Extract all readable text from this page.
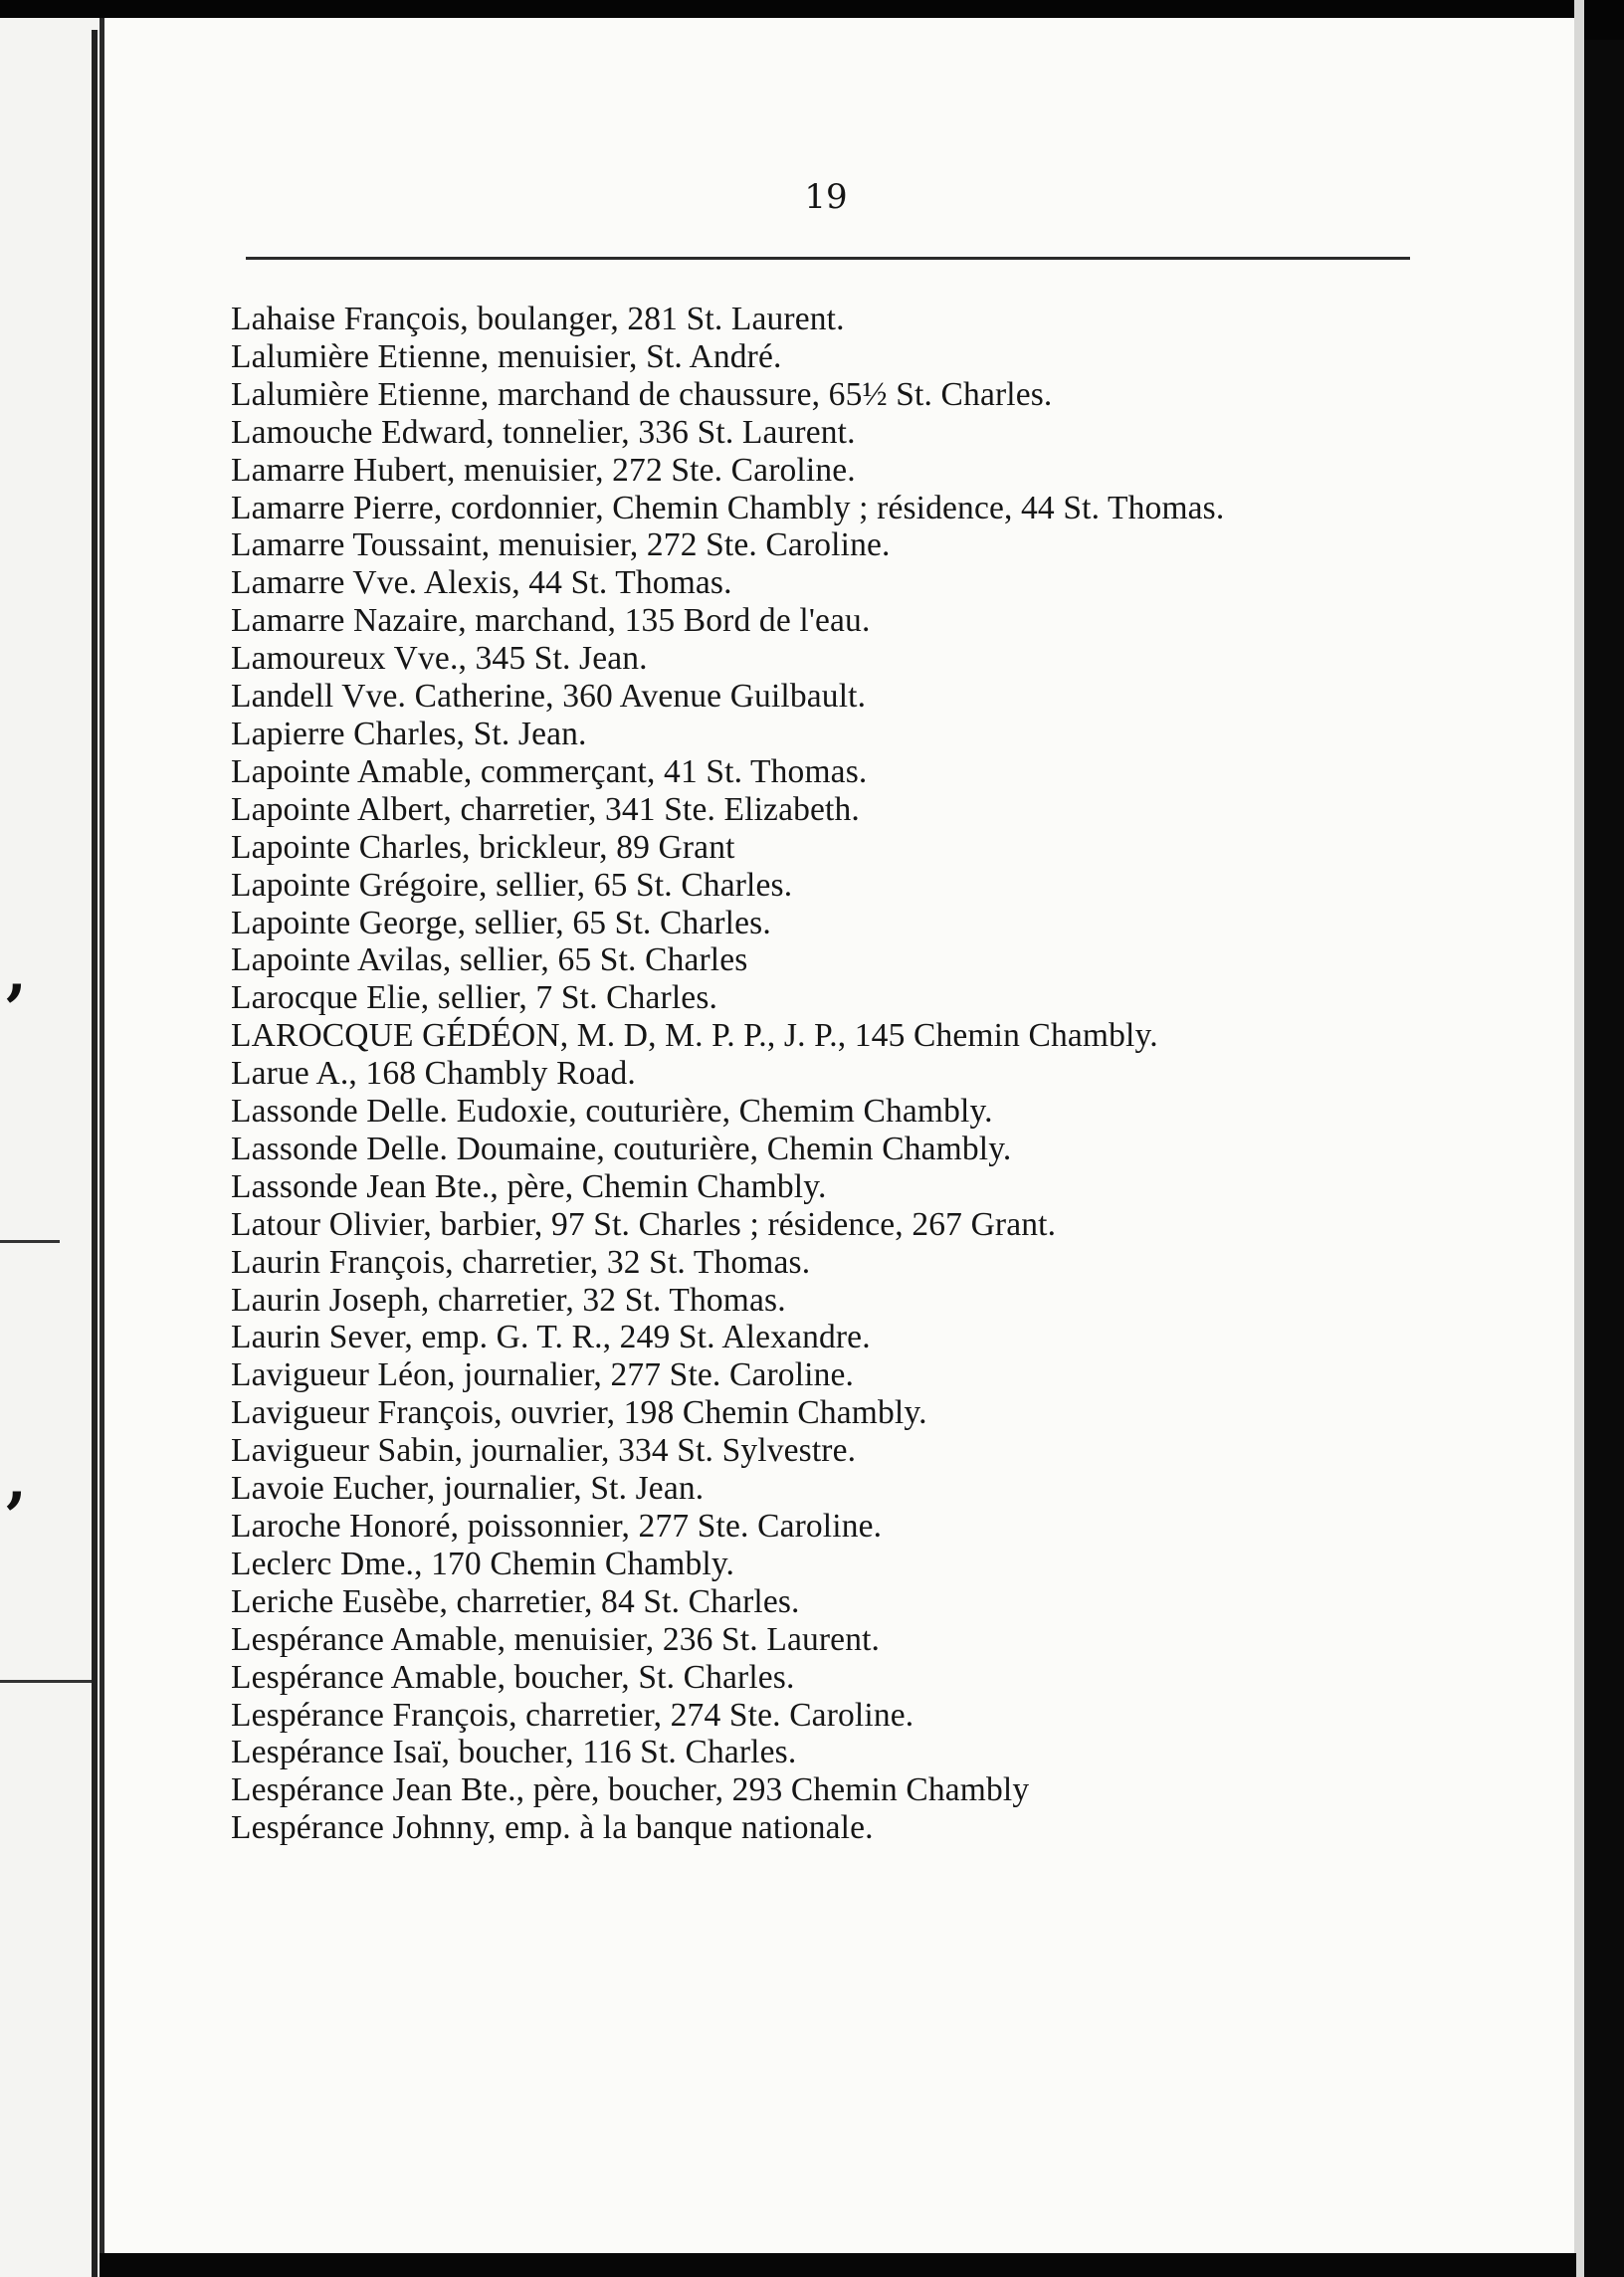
,
,
19
Lahaise François, boulanger, 281 St. Laurent.
Lalumière Etienne, menuisier, St. André.
Lalumière Etienne, marchand de chaussure, 65½ St. Charles.
Lamouche Edward, tonnelier, 336 St. Laurent.
Lamarre Hubert, menuisier, 272 Ste. Caroline.
Lamarre Pierre, cordonnier, Chemin Chambly ; résidence, 44 St. Thomas.
Lamarre Toussaint, menuisier, 272 Ste. Caroline.
Lamarre Vve. Alexis, 44 St. Thomas.
Lamarre Nazaire, marchand, 135 Bord de l'eau.
Lamoureux Vve., 345 St. Jean.
Landell Vve. Catherine, 360 Avenue Guilbault.
Lapierre Charles, St. Jean.
Lapointe Amable, commerçant, 41 St. Thomas.
Lapointe Albert, charretier, 341 Ste. Elizabeth.
Lapointe Charles, brickleur, 89 Grant
Lapointe Grégoire, sellier, 65 St. Charles.
Lapointe George, sellier, 65 St. Charles.
Lapointe Avilas, sellier, 65 St. Charles
Larocque Elie, sellier, 7 St. Charles.
LAROCQUE GÉDÉON, M. D, M. P. P., J. P., 145 Chemin Chambly.
Larue A., 168 Chambly Road.
Lassonde Delle. Eudoxie, couturière, Chemim Chambly.
Lassonde Delle. Doumaine, couturière, Chemin Chambly.
Lassonde Jean Bte., père, Chemin Chambly.
Latour Olivier, barbier, 97 St. Charles ; résidence, 267 Grant.
Laurin François, charretier, 32 St. Thomas.
Laurin Joseph, charretier, 32 St. Thomas.
Laurin Sever, emp. G. T. R., 249 St. Alexandre.
Lavigueur Léon, journalier, 277 Ste. Caroline.
Lavigueur François, ouvrier, 198 Chemin Chambly.
Lavigueur Sabin, journalier, 334 St. Sylvestre.
Lavoie Eucher, journalier, St. Jean.
Laroche Honoré, poissonnier, 277 Ste. Caroline.
Leclerc Dme., 170 Chemin Chambly.
Leriche Eusèbe, charretier, 84 St. Charles.
Lespérance Amable, menuisier, 236 St. Laurent.
Lespérance Amable, boucher, St. Charles.
Lespérance François, charretier, 274 Ste. Caroline.
Lespérance Isaï, boucher, 116 St. Charles.
Lespérance Jean Bte., père, boucher, 293 Chemin Chambly
Lespérance Johnny, emp. à la banque nationale.
